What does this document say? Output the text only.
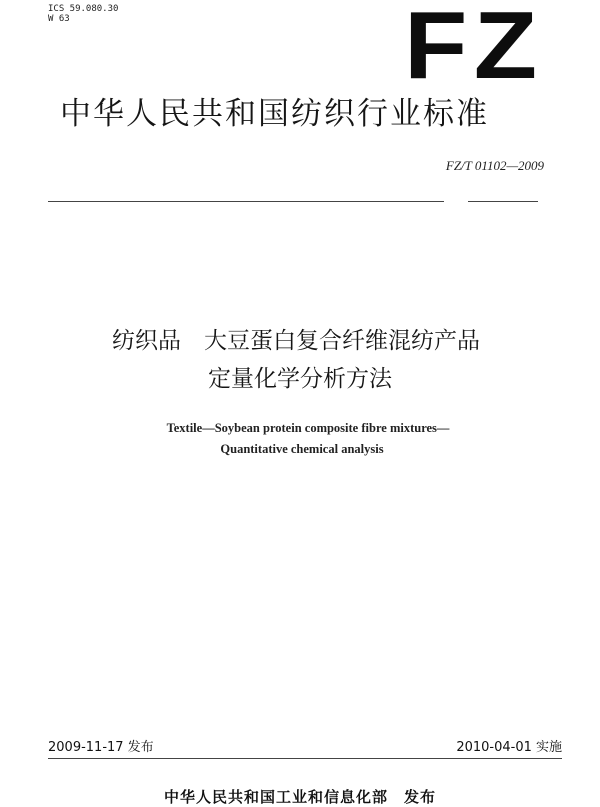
ICS 59.080.30
W 63	FZ
中华人民共和国纺织行业标准
FZ/T 01102—2009
纺织品　大豆蛋白复合纤维混纺产品
定量化学分析方法
Textile—Soybean protein composite fibre mixtures—
Quantitative chemical analysis
2009-11-17 发布	2010-04-01 实施
中华人民共和国工业和信息化部　发布
